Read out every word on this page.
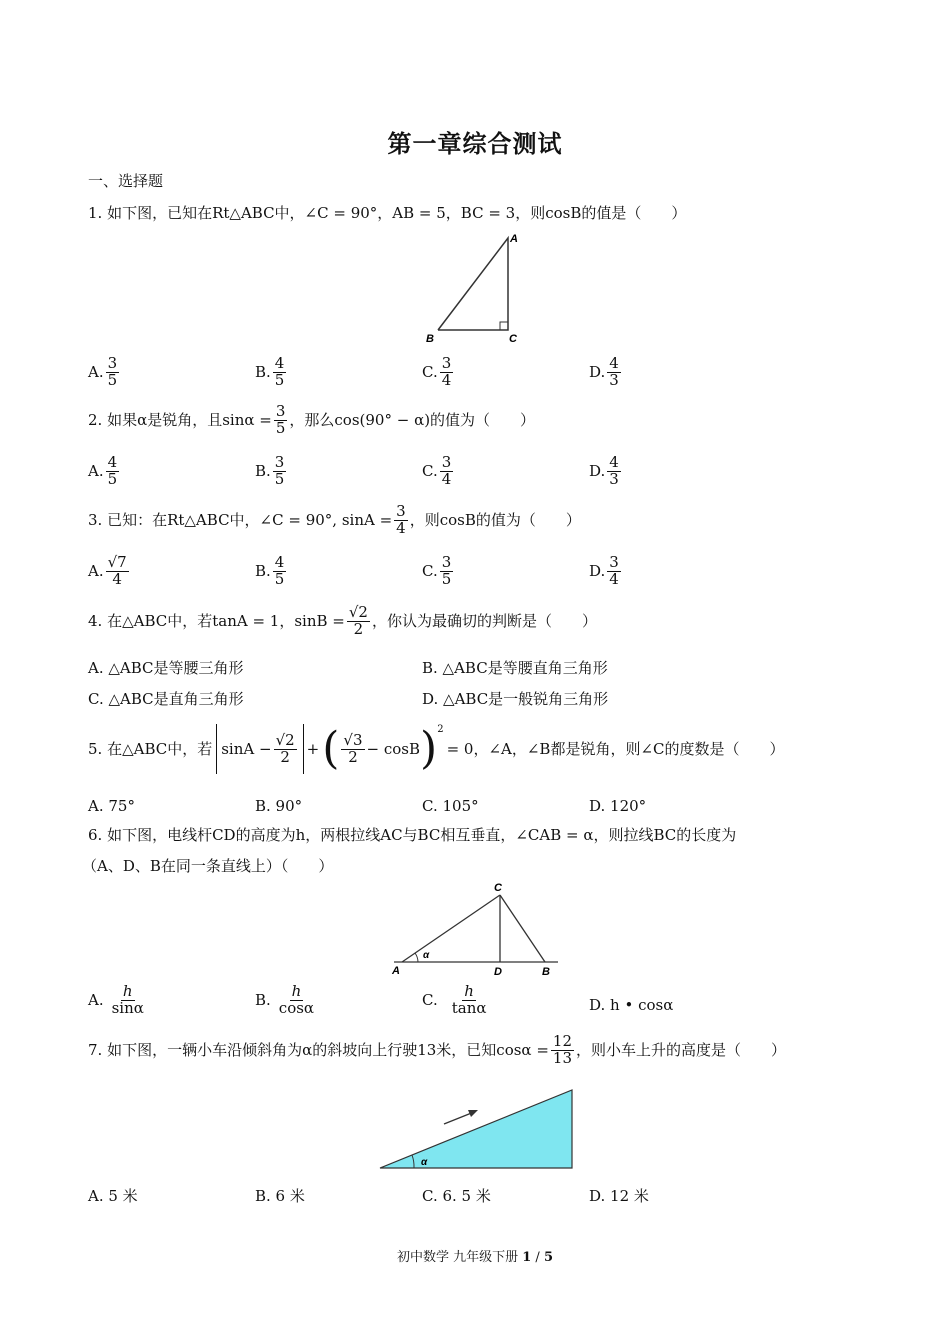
第一章综合测试
一、选择题
1. 如下图，已知在Rt△ABC中，∠C = 90°，AB = 5，BC = 3，则cosB的值是（　　）
A
B	C
A. $\frac{3}{5}$	B. $\frac{4}{5}$	C. $\frac{3}{4}$	D. $\frac{4}{3}$
2. 如果α是锐角，且$\sin\alpha = \frac{3}{5}$ ，那么cos(90° − α)的值为（　　）
A. $\frac{4}{5}$	B. $\frac{3}{5}$	C. $\frac{3}{4}$	D. $\frac{4}{3}$
3. 已知：在Rt△ABC中，∠C = 90°, $\sin A = \frac{3}{4}$ ，则cosB的值为（　　）
A. $\frac{√7}{4}$	B. $\frac{4}{5}$	C. $\frac{3}{5}$	D. $\frac{3}{4}$
4. 在△ABC中，若tanA = 1，$\sin B = \frac{√2}{2}$ ，你认为最确切的判断是（　　）
A. △ABC是等腰三角形	B. △ABC是等腰直角三角形
C. △ABC是直角三角形	D. △ABC是一般锐角三角形
5. 在△ABC中，若 $\sin A - \frac{√2}{2}$ + ( $\frac{√3}{2} - \cos B$ ) 2
= 0，∠A，∠B都是锐角，则∠C的度数是（　　）
A. 75°	B. 90°	C. 105°	D. 120°
6. 如下图，电线杆CD的高度为h，两根拉线AC与BC相互垂直，∠CAB = α，则拉线BC的长度为
（A、D、B在同一条直线上）（　　）
α
A	D	B
C
A. $\frac{h}{\sin\alpha}$	B. $\frac{h}{\cos\alpha}$	C. $\frac{h}{\tan\alpha}$	D. h • cosα
7. 如下图，一辆小车沿倾斜角为α的斜坡向上行驶13米，已知$\cos\alpha = \frac{12}{13}$ ，则小车上升的高度是（　　）
α
A. 5 米	B. 6 米	C. 6. 5 米	D. 12 米
初中数学 九年级下册 1 / 5
